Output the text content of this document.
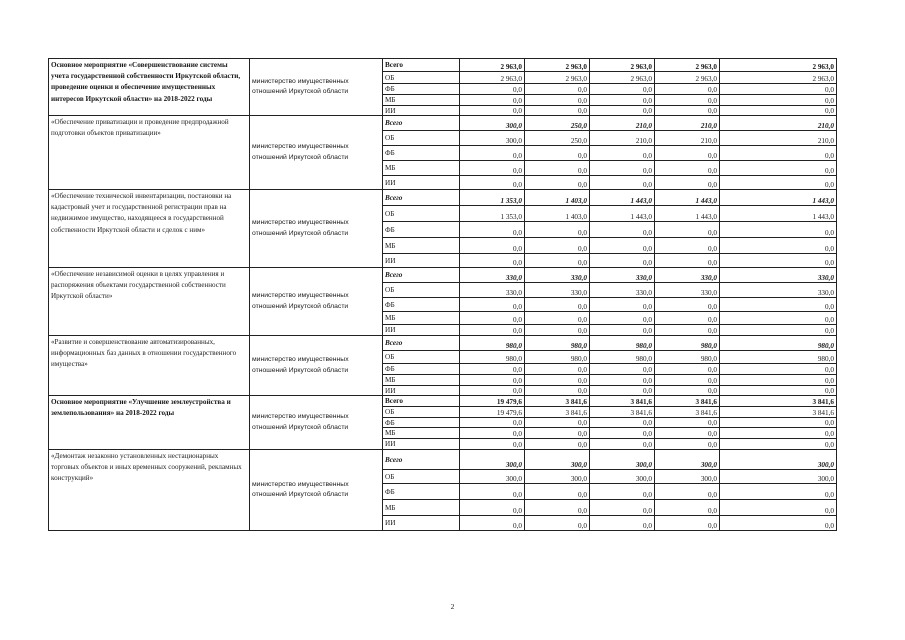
Основное мероприятие «Совершенствование системы учета государственной собственности Иркутской области, проведение оценки и обеспечение имущественных интересов Иркутской области» на 2018-2022 годы	министерство имущественных отношений Иркутской области	Всего	2 963,0	2 963,0	2 963,0	2 963,0	2 963,0
		ОБ	2 963,0	2 963,0	2 963,0	2 963,0	2 963,0
		ФБ	0,0	0,0	0,0	0,0	0,0
		МБ	0,0	0,0	0,0	0,0	0,0
		ИИ	0,0	0,0	0,0	0,0	0,0
«Обеспечение приватизации и проведение предпродажной подготовки объектов приватизации»	министерство имущественных отношений Иркутской области	Всего	300,0	250,0	210,0	210,0	210,0
		ОБ	300,0	250,0	210,0	210,0	210,0
		ФБ	0,0	0,0	0,0	0,0	0,0
		МБ	0,0	0,0	0,0	0,0	0,0
		ИИ	0,0	0,0	0,0	0,0	0,0
«Обеспечение технической инвентаризации, постановки на кадастровый учет и государственной регистрации прав на недвижимое имущество, находящееся в государственной собственности Иркутской области и сделок с ним»	министерство имущественных отношений Иркутской области	Всего	1 353,0	1 403,0	1 443,0	1 443,0	1 443,0
		ОБ	1 353,0	1 403,0	1 443,0	1 443,0	1 443,0
		ФБ	0,0	0,0	0,0	0,0	0,0
		МБ	0,0	0,0	0,0	0,0	0,0
		ИИ	0,0	0,0	0,0	0,0	0,0
«Обеспечение независимой оценки в целях управления и распоряжения объектами государственной собственности Иркутской области»	министерство имущественных отношений Иркутской области	Всего	330,0	330,0	330,0	330,0	330,0
		ОБ	330,0	330,0	330,0	330,0	330,0
		ФБ	0,0	0,0	0,0	0,0	0,0
		МБ	0,0	0,0	0,0	0,0	0,0
		ИИ	0,0	0,0	0,0	0,0	0,0
«Развитие и совершенствование автоматизированных, информационных баз данных в отношении государственного имущества»	министерство имущественных отношений Иркутской области	Всего	980,0	980,0	980,0	980,0	980,0
		ОБ	980,0	980,0	980,0	980,0	980,0
		ФБ	0,0	0,0	0,0	0,0	0,0
		МБ	0,0	0,0	0,0	0,0	0,0
		ИИ	0,0	0,0	0,0	0,0	0,0
Основное мероприятие «Улучшение землеустройства и землепользования» на 2018-2022 годы	министерство имущественных отношений Иркутской области	Всего	19 479,6	3 841,6	3 841,6	3 841,6	3 841,6
		ОБ	19 479,6	3 841,6	3 841,6	3 841,6	3 841,6
		ФБ	0,0	0,0	0,0	0,0	0,0
		МБ	0,0	0,0	0,0	0,0	0,0
		ИИ	0,0	0,0	0,0	0,0	0,0
«Демонтаж незаконно установленных нестационарных торговых объектов и иных временных сооружений, рекламных конструкций»	министерство имущественных отношений Иркутской области	Всего	300,0	300,0	300,0	300,0	300,0
		ОБ	300,0	300,0	300,0	300,0	300,0
		ФБ	0,0	0,0	0,0	0,0	0,0
		МБ	0,0	0,0	0,0	0,0	0,0
		ИИ	0,0	0,0	0,0	0,0	0,0
2
